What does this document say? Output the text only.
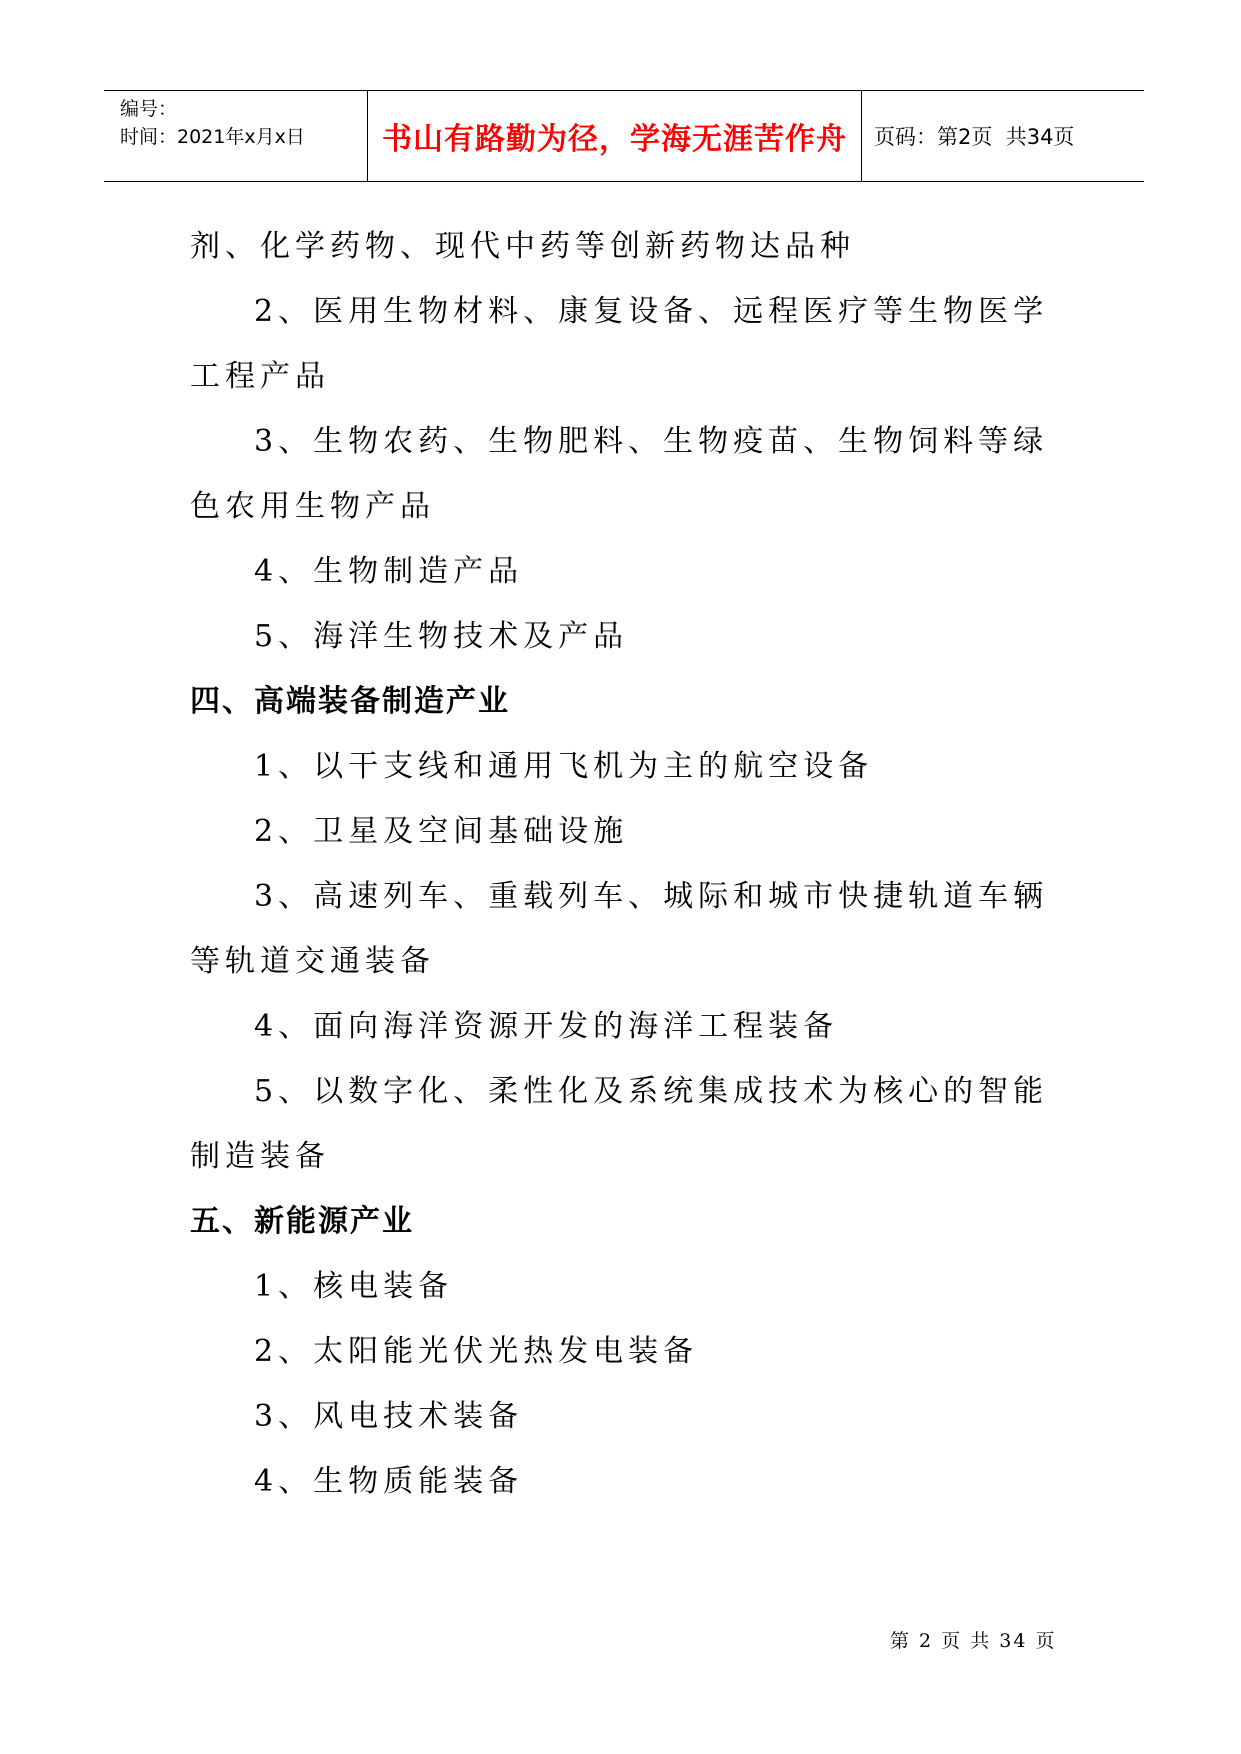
编号：
时间：2021年x月x日	书山有路勤为径，学海无涯苦作舟	页码：第2页  共34页

剂、化学药物、现代中药等创新药物达品种

2、医用生物材料、康复设备、远程医疗等生物医学工程产品

3、生物农药、生物肥料、生物疫苗、生物饲料等绿色农用生物产品

4、生物制造产品

5、海洋生物技术及产品

四、高端装备制造产业

1、以干支线和通用飞机为主的航空设备

2、卫星及空间基础设施

3、高速列车、重载列车、城际和城市快捷轨道车辆等轨道交通装备

4、面向海洋资源开发的海洋工程装备

5、以数字化、柔性化及系统集成技术为核心的智能制造装备

五、新能源产业

1、核电装备

2、太阳能光伏光热发电装备

3、风电技术装备

4、生物质能装备

第 2 页 共 34 页
